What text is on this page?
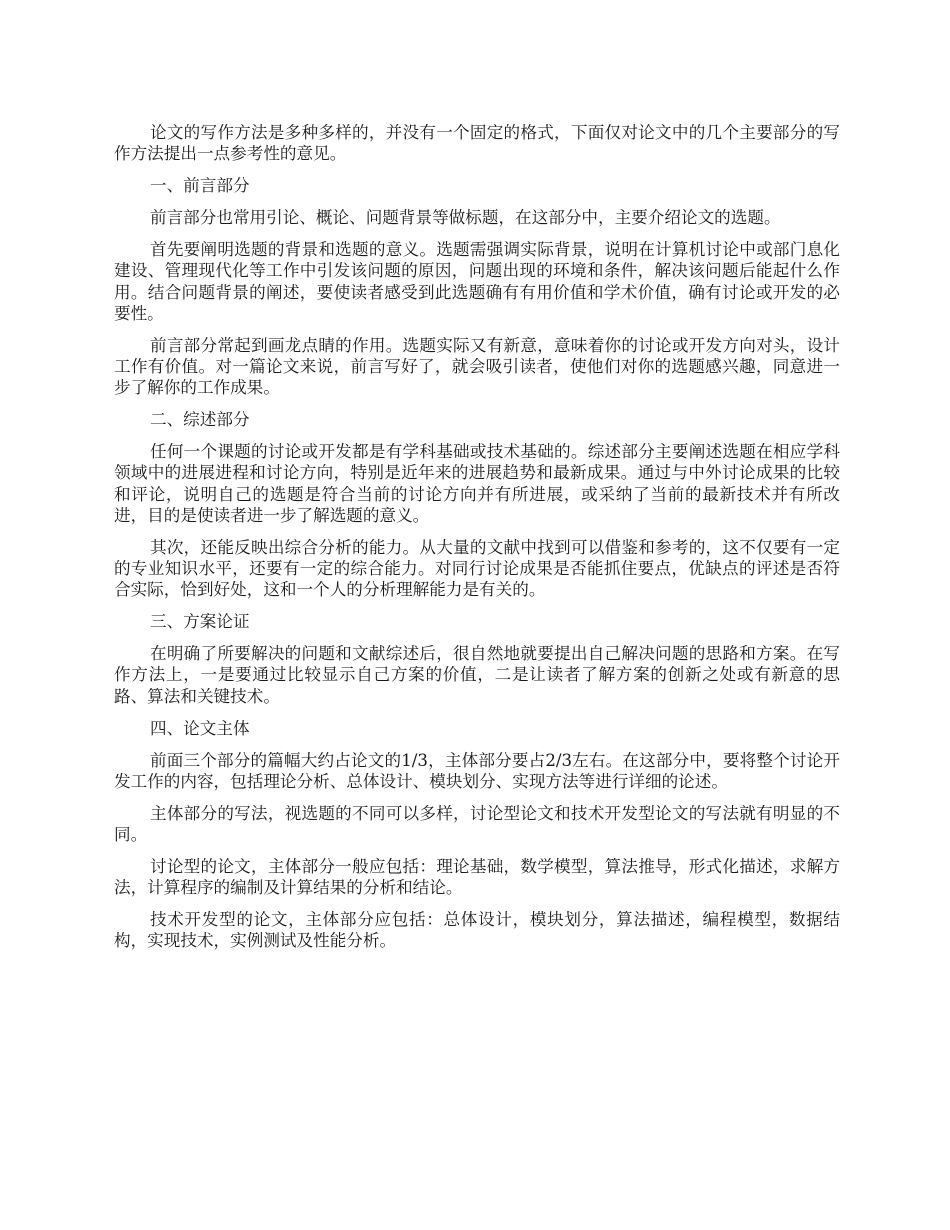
论文的写作方法是多种多样的，并没有一个固定的格式，下面仅对论文中的几个主要部分的写作方法提出一点参考性的意见。

一、前言部分

前言部分也常用引论、概论、问题背景等做标题，在这部分中，主要介绍论文的选题。

首先要阐明选题的背景和选题的意义。选题需强调实际背景，说明在计算机讨论中或部门息化建设、管理现代化等工作中引发该问题的原因，问题出现的环境和条件，解决该问题后能起什么作用。结合问题背景的阐述，要使读者感受到此选题确有有用价值和学术价值，确有讨论或开发的必要性。

前言部分常起到画龙点睛的作用。选题实际又有新意，意味着你的讨论或开发方向对头，设计工作有价值。对一篇论文来说，前言写好了，就会吸引读者，使他们对你的选题感兴趣，同意进一步了解你的工作成果。

二、综述部分

任何一个课题的讨论或开发都是有学科基础或技术基础的。综述部分主要阐述选题在相应学科领域中的进展进程和讨论方向，特别是近年来的进展趋势和最新成果。通过与中外讨论成果的比较和评论，说明自己的选题是符合当前的讨论方向并有所进展，或采纳了当前的最新技术并有所改进，目的是使读者进一步了解选题的意义。

其次，还能反映出综合分析的能力。从大量的文献中找到可以借鉴和参考的，这不仅要有一定的专业知识水平，还要有一定的综合能力。对同行讨论成果是否能抓住要点，优缺点的评述是否符合实际，恰到好处，这和一个人的分析理解能力是有关的。

三、方案论证

在明确了所要解决的问题和文献综述后，很自然地就要提出自己解决问题的思路和方案。在写作方法上，一是要通过比较显示自己方案的价值，二是让读者了解方案的创新之处或有新意的思路、算法和关键技术。

四、论文主体

前面三个部分的篇幅大约占论文的1/3，主体部分要占2/3左右。在这部分中，要将整个讨论开发工作的内容，包括理论分析、总体设计、模块划分、实现方法等进行详细的论述。

主体部分的写法，视选题的不同可以多样，讨论型论文和技术开发型论文的写法就有明显的不同。

讨论型的论文，主体部分一般应包括：理论基础，数学模型，算法推导，形式化描述，求解方法，计算程序的编制及计算结果的分析和结论。

技术开发型的论文，主体部分应包括：总体设计，模块划分，算法描述，编程模型，数据结构，实现技术，实例测试及性能分析。
